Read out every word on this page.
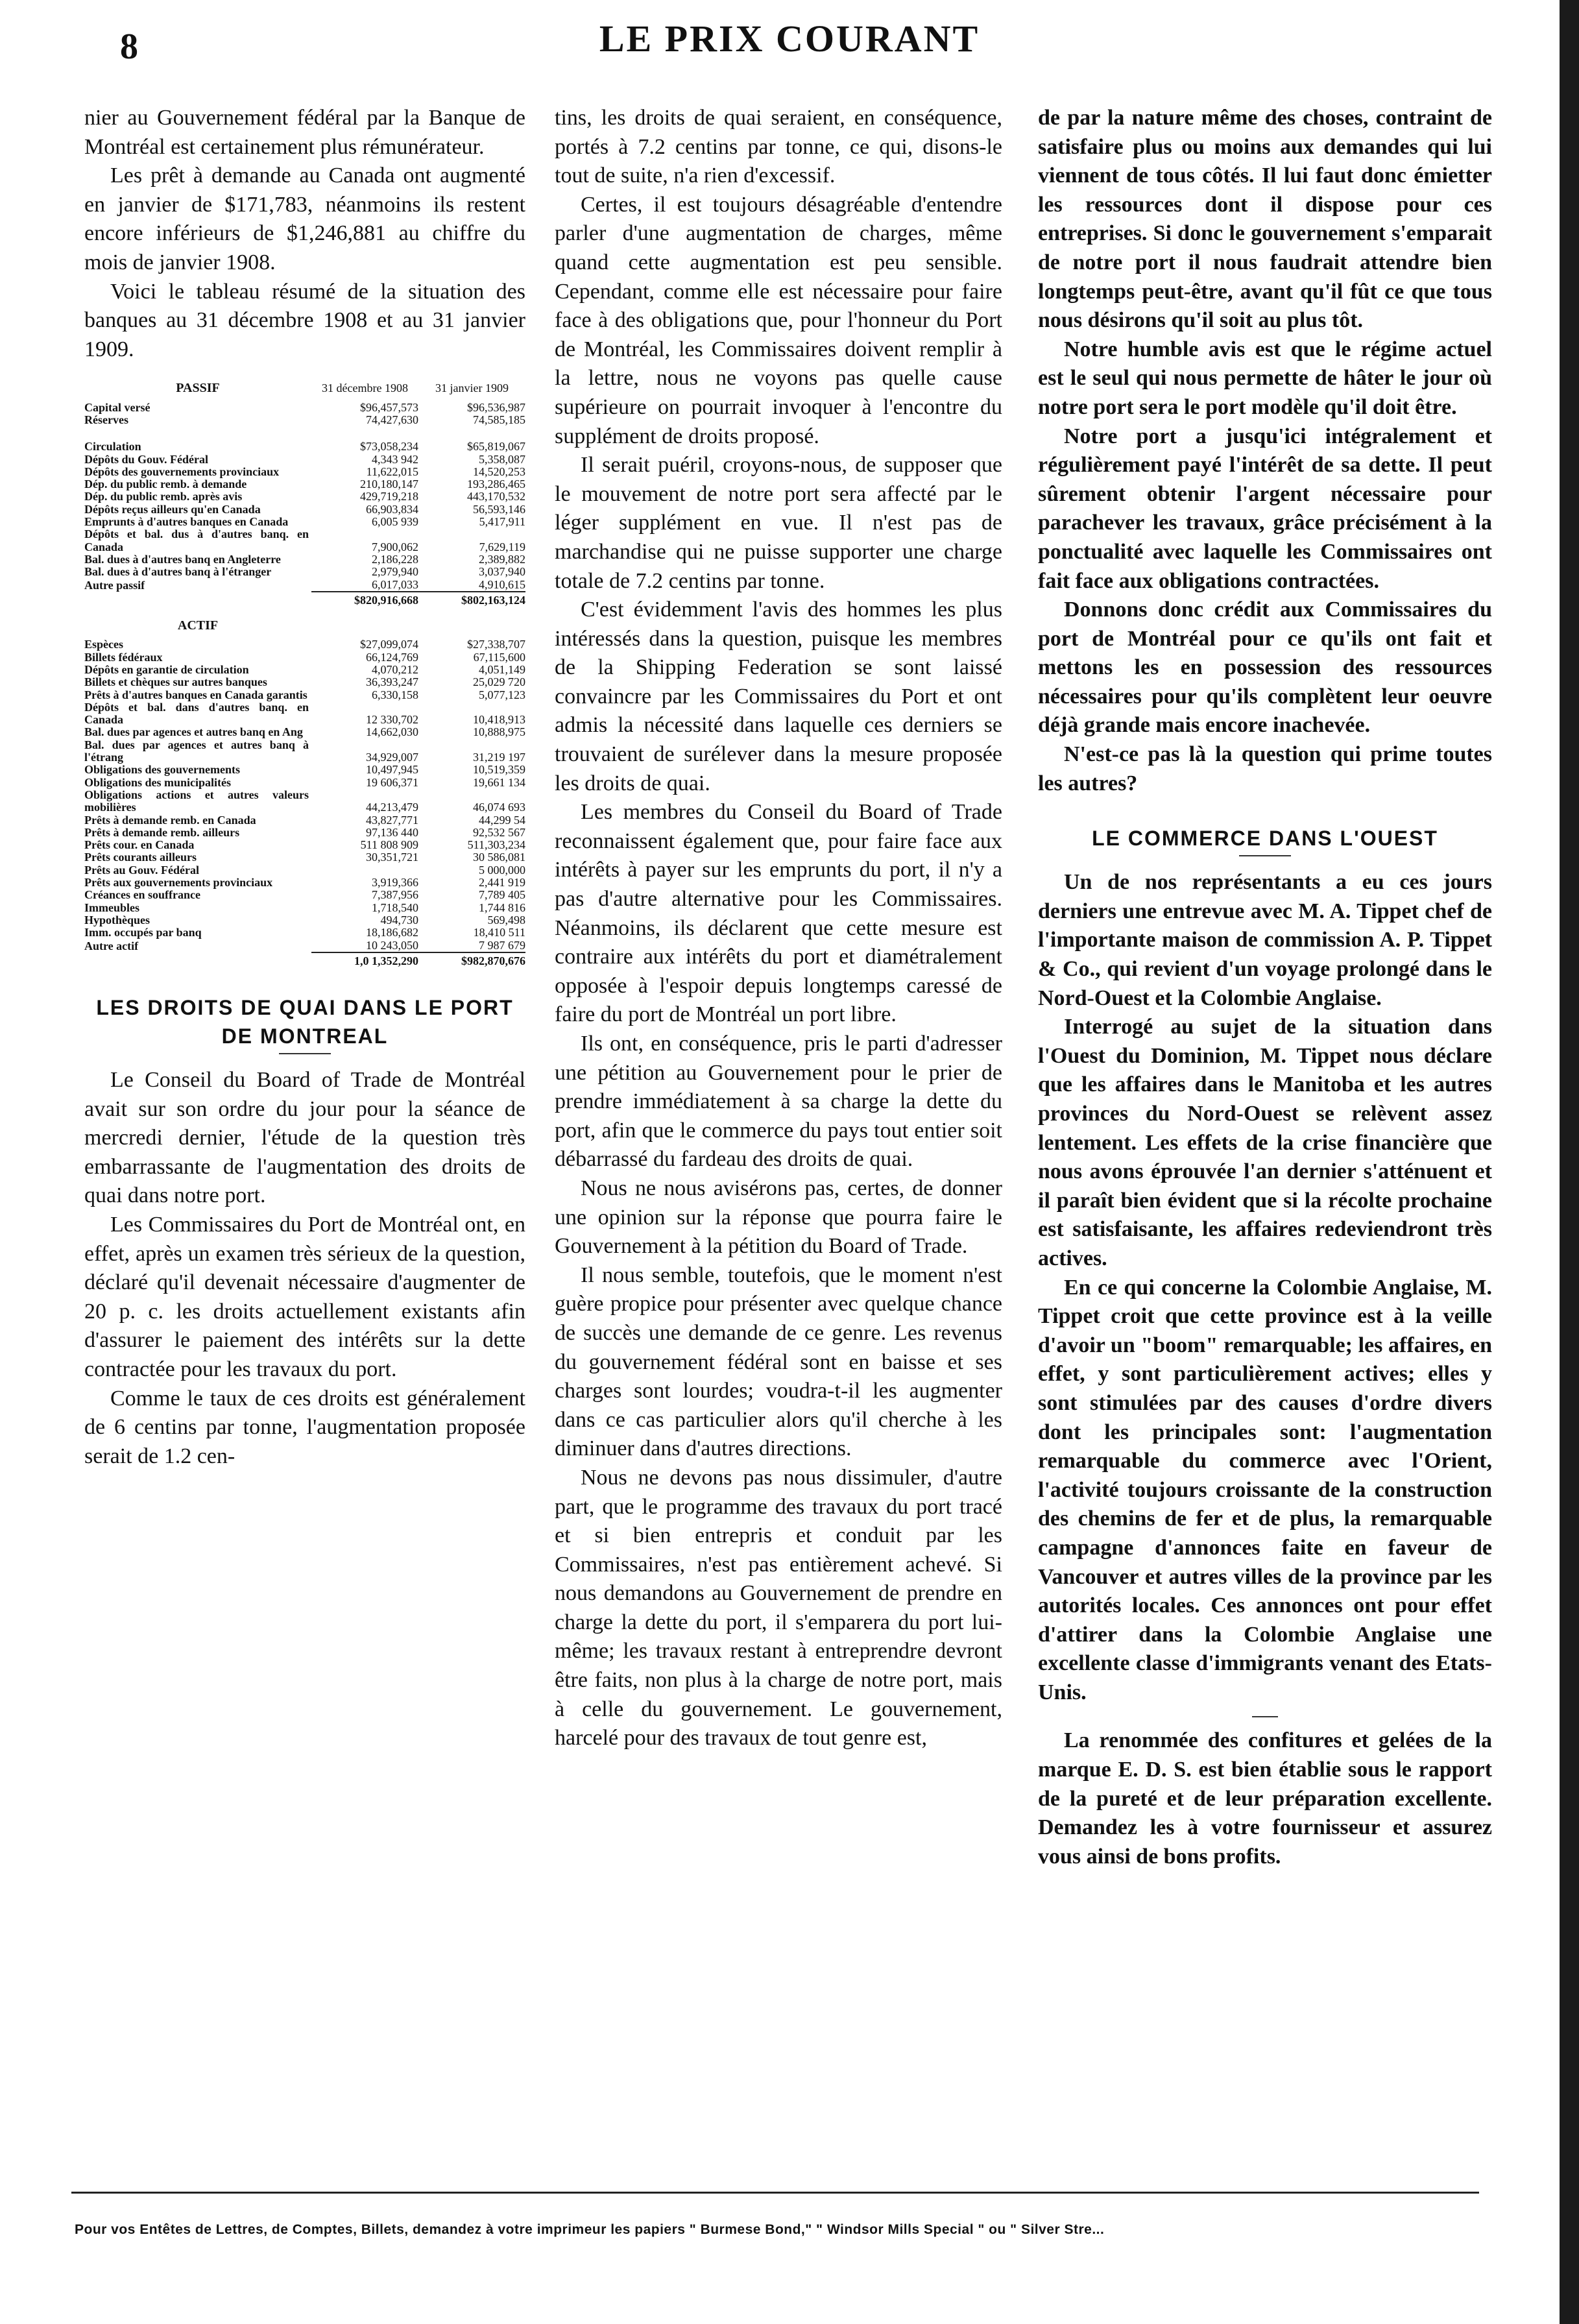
8	LE PRIX COURANT

nier au Gouvernement fédéral par la Banque de Montréal est certainement plus rémunérateur.

Les prêt à demande au Canada ont augmenté en janvier de $171,783, néanmoins ils restent encore inférieurs de $1,246,881 au chiffre du mois de janvier 1908.

Voici le tableau résumé de la situation des banques au 31 décembre 1908 et au 31 janvier 1909.

PASSIF	31 décembre 1908	31 janvier 1909
Capital versé	$96,457,573	$96,536,987
Réserves	74,427,630	74,585,185

Circulation	$73,058,234	$65,819,067
Dépôts du Gouv. Fédéral	4,343 942	5,358,087
Dépôts des gouvernements provinciaux	11,622,015	14,520,253
Dép. du public remb. à demande	210,180,147	193,286,465
Dép. du public remb. après avis	429,719,218	443,170,532
Dépôts reçus ailleurs qu'en Canada	66,903,834	56,593,146
Emprunts à d'autres banques en Canada	6,005 939	5,417,911
Dépôts et bal. dus à d'autres banq. en Canada	7,900,062	7,629,119
Bal. dues à d'autres banq en Angleterre	2,186,228	2,389,882
Bal. dues à d'autres banq à l'étranger	2,979,940	3,037,940
Autre passif	6,017,033	4,910,615
	$820,916,668	$802,163,124
ACTIF		
Espèces	$27,099,074	$27,338,707
Billets fédéraux	66,124,769	67,115,600
Dépôts en garantie de circulation	4,070,212	4,051,149
Billets et chèques sur autres banques	36,393,247	25,029 720
Prêts à d'autres banques en Canada garantis	6,330,158	5,077,123
Dépôts et bal. dans d'autres banq. en Canada	12 330,702	10,418,913
Bal. dues par agences et autres banq en Ang	14,662,030	10,888,975
Bal. dues par agences et autres banq à l'étrang	34,929,007	31,219 197
Obligations des gouvernements	10,497,945	10,519,359
Obligations des municipalités	19 606,371	19,661 134
Obligations actions et autres valeurs mobilières	44,213,479	46,074 693
Prêts à demande remb. en Canada	43,827,771	44,299 54
Prêts à demande remb. ailleurs	97,136 440	92,532 567
Prêts cour. en Canada	511 808 909	511,303,234
Prêts courants ailleurs	30,351,721	30 586,081
Prêts au Gouv. Fédéral		5 000,000
Prêts aux gouvernements provinciaux	3,919,366	2,441 919
Créances en souffrance	7,387,956	7,789 405
Immeubles	1,718,540	1,744 816
Hypothèques	494,730	569,498
Imm. occupés par banq	18,186,682	18,410 511
Autre actif	10 243,050	7 987 679
	1,0 1,352,290	$982,870,676
LES DROITS DE QUAI DANS LE PORT DE MONTREAL

Le Conseil du Board of Trade de Montréal avait sur son ordre du jour pour la séance de mercredi dernier, l'étude de la question très embarrassante de l'augmentation des droits de quai dans notre port.

Les Commissaires du Port de Montréal ont, en effet, après un examen très sérieux de la question, déclaré qu'il devenait nécessaire d'augmenter de 20 p. c. les droits actuellement existants afin d'assurer le paiement des intérêts sur la dette contractée pour les travaux du port.

Comme le taux de ces droits est généralement de 6 centins par tonne, l'augmentation proposée serait de 1.2 cen-

tins, les droits de quai seraient, en conséquence, portés à 7.2 centins par tonne, ce qui, disons-le tout de suite, n'a rien d'excessif.

Certes, il est toujours désagréable d'entendre parler d'une augmentation de charges, même quand cette augmentation est peu sensible. Cependant, comme elle est nécessaire pour faire face à des obligations que, pour l'honneur du Port de Montréal, les Commissaires doivent remplir à la lettre, nous ne voyons pas quelle cause supérieure on pourrait invoquer à l'encontre du supplément de droits proposé.

Il serait puéril, croyons-nous, de supposer que le mouvement de notre port sera affecté par le léger supplément en vue. Il n'est pas de marchandise qui ne puisse supporter une charge totale de 7.2 centins par tonne.

C'est évidemment l'avis des hommes les plus intéressés dans la question, puisque les membres de la Shipping Federation se sont laissé convaincre par les Commissaires du Port et ont admis la nécessité dans laquelle ces derniers se trouvaient de surélever dans la mesure proposée les droits de quai.

Les membres du Conseil du Board of Trade reconnaissent également que, pour faire face aux intérêts à payer sur les emprunts du port, il n'y a pas d'autre alternative pour les Commissaires. Néanmoins, ils déclarent que cette mesure est contraire aux intérêts du port et diamétralement opposée à l'espoir depuis longtemps caressé de faire du port de Montréal un port libre.

Ils ont, en conséquence, pris le parti d'adresser une pétition au Gouvernement pour le prier de prendre immédiatement à sa charge la dette du port, afin que le commerce du pays tout entier soit débarrassé du fardeau des droits de quai.

Nous ne nous avisérons pas, certes, de donner une opinion sur la réponse que pourra faire le Gouvernement à la pétition du Board of Trade.

Il nous semble, toutefois, que le moment n'est guère propice pour présenter avec quelque chance de succès une demande de ce genre. Les revenus du gouvernement fédéral sont en baisse et ses charges sont lourdes; voudra-t-il les augmenter dans ce cas particulier alors qu'il cherche à les diminuer dans d'autres directions.

Nous ne devons pas nous dissimuler, d'autre part, que le programme des travaux du port tracé et si bien entrepris et conduit par les Commissaires, n'est pas entièrement achevé. Si nous demandons au Gouvernement de prendre en charge la dette du port, il s'emparera du port lui-même; les travaux restant à entreprendre devront être faits, non plus à la charge de notre port, mais à celle du gouvernement. Le gouvernement, harcelé pour des travaux de tout genre est,

de par la nature même des choses, contraint de satisfaire plus ou moins aux demandes qui lui viennent de tous côtés. Il lui faut donc émietter les ressources dont il dispose pour ces entreprises. Si donc le gouvernement s'emparait de notre port il nous faudrait attendre bien longtemps peut-être, avant qu'il fût ce que tous nous désirons qu'il soit au plus tôt.

Notre humble avis est que le régime actuel est le seul qui nous permette de hâter le jour où notre port sera le port modèle qu'il doit être.

Notre port a jusqu'ici intégralement et régulièrement payé l'intérêt de sa dette. Il peut sûrement obtenir l'argent nécessaire pour parachever les travaux, grâce précisément à la ponctualité avec laquelle les Commissaires ont fait face aux obligations contractées.

Donnons donc crédit aux Commissaires du port de Montréal pour ce qu'ils ont fait et mettons les en possession des ressources nécessaires pour qu'ils complètent leur oeuvre déjà grande mais encore inachevée.

N'est-ce pas là la question qui prime toutes les autres?

LE COMMERCE DANS L'OUEST

Un de nos représentants a eu ces jours derniers une entrevue avec M. A. Tippet chef de l'importante maison de commission A. P. Tippet & Co., qui revient d'un voyage prolongé dans le Nord-Ouest et la Colombie Anglaise.

Interrogé au sujet de la situation dans l'Ouest du Dominion, M. Tippet nous déclare que les affaires dans le Manitoba et les autres provinces du Nord-Ouest se relèvent assez lentement. Les effets de la crise financière que nous avons éprouvée l'an dernier s'atténuent et il paraît bien évident que si la récolte prochaine est satisfaisante, les affaires redeviendront très actives.

En ce qui concerne la Colombie Anglaise, M. Tippet croit que cette province est à la veille d'avoir un "boom" remarquable; les affaires, en effet, y sont particulièrement actives; elles y sont stimulées par des causes d'ordre divers dont les principales sont: l'augmentation remarquable du commerce avec l'Orient, l'activité toujours croissante de la construction des chemins de fer et de plus, la remarquable campagne d'annonces faite en faveur de Vancouver et autres villes de la province par les autorités locales. Ces annonces ont pour effet d'attirer dans la Colombie Anglaise une excellente classe d'immigrants venant des Etats-Unis.

La renommée des confitures et gelées de la marque E. D. S. est bien établie sous le rapport de la pureté et de leur préparation excellente. Demandez les à votre fournisseur et assurez vous ainsi de bons profits.

Pour vos Entêtes de Lettres, de Comptes, Billets, demandez à votre imprimeur les papiers " Burmese Bond," " Windsor Mills Special " ou " Silver Stre...
